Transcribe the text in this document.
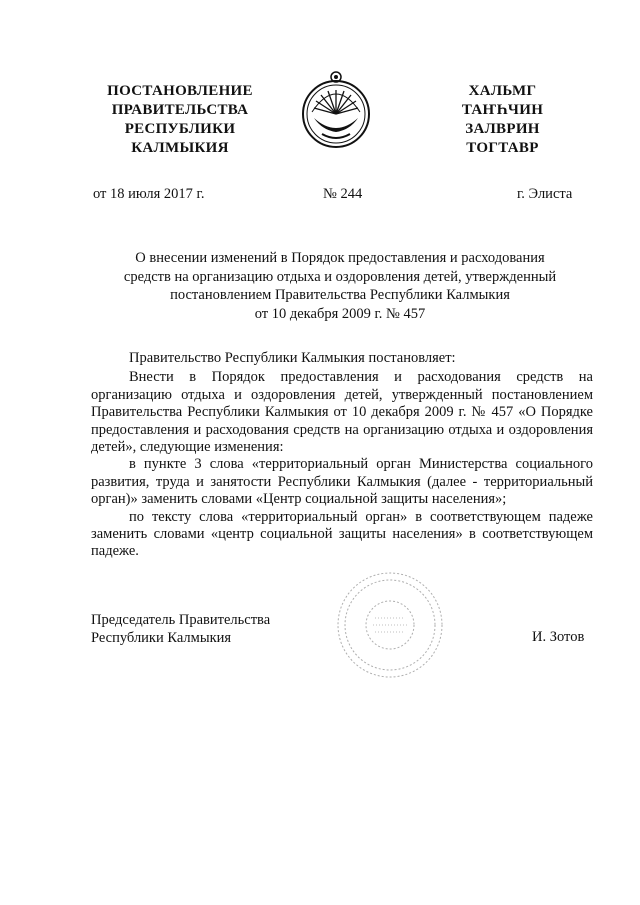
ПОСТАНОВЛЕНИЕ
ПРАВИТЕЛЬСТВА
РЕСПУБЛИКИ
КАЛМЫКИЯ
ХАЛЬМГ
ТАҤҺЧИН
ЗАЛВРИН
ТОГТАВР
от 18 июля 2017 г.	№ 244	г. Элиста
О внесении изменений в Порядок предоставления и расходования
средств на организацию отдыха и оздоровления детей, утвержденный
постановлением Правительства Республики Калмыкия
от 10 декабря 2009 г. № 457

Правительство Республики Калмыкия постановляет:

Внести в Порядок предоставления и расходования средств на организацию отдыха и оздоровления детей, утвержденный постановлением Правительства Республики Калмыкия от 10 декабря 2009 г. № 457 «О Порядке предоставления и расходования средств на организацию отдыха и оздоровления детей», следующие изменения:

в пункте 3 слова «территориальный орган Министерства социального развития, труда и занятости Республики Калмыкия (далее - территориальный орган)» заменить словами «Центр социальной защиты населения»;

по тексту слова «территориальный орган» в соответствующем падеже заменить словами «центр социальной защиты населения» в соответствующем падеже.

Председатель Правительства
Республики Калмыкия	И. Зотов
